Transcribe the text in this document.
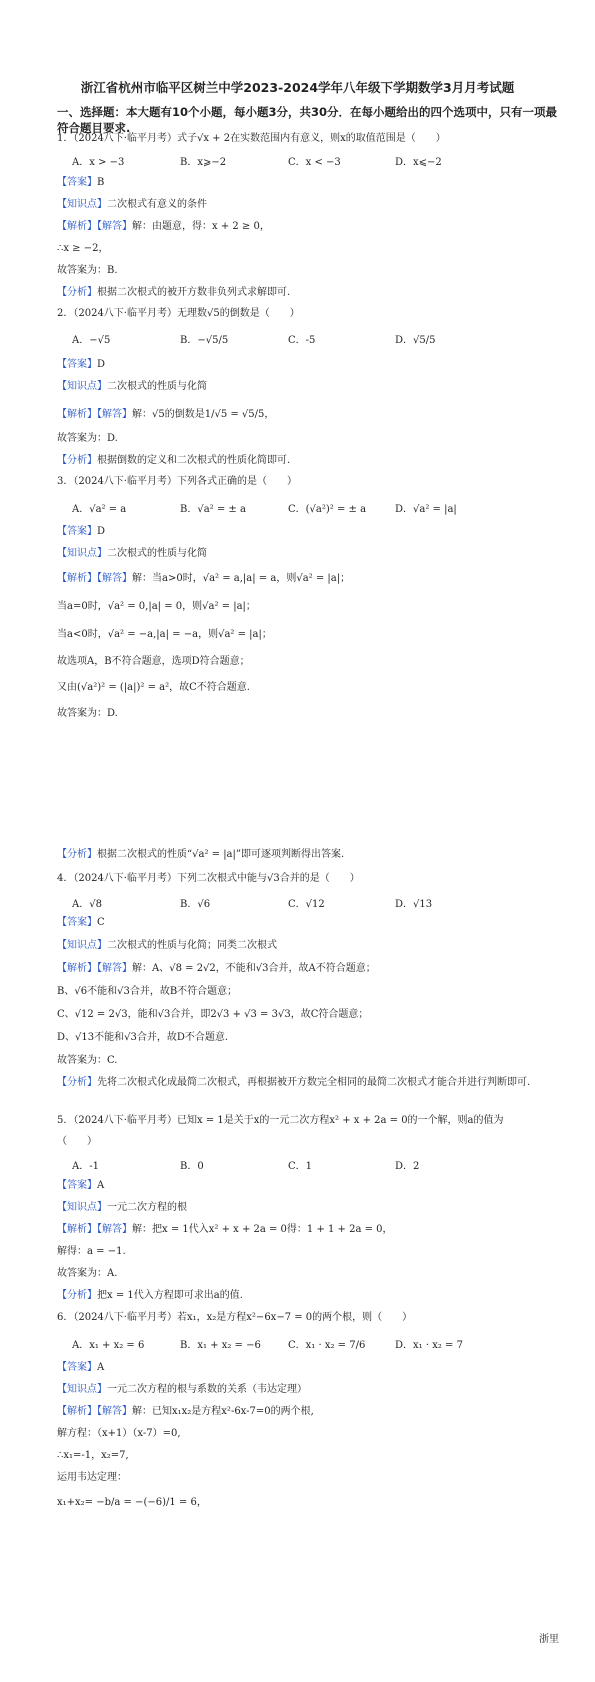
浙江省杭州市临平区树兰中学2023-2024学年八年级下学期数学3月月考试题
一、选择题：本大题有10个小题，每小题3分，共30分．在每小题给出的四个选项中，只有一项最符合题目要求.
1．（2024八下·临平月考）式子√x + 2在实数范围内有意义，则x的取值范围是（　　）
A．x > −3	B．x⩾−2	C．x < −3	D．x⩽−2
【答案】B
【知识点】二次根式有意义的条件
【解析】【解答】解：由题意，得：x + 2 ≥ 0，
∴x ≥ −2，
故答案为：B.
【分析】根据二次根式的被开方数非负列式求解即可.
2．（2024八下·临平月考）无理数√5的倒数是（　　）
A．−√5	B．−√5/5	C．-5	D．√5/5
【答案】D
【知识点】二次根式的性质与化简
【解析】【解答】解：√5的倒数是1/√5 = √5/5，
故答案为：D.
【分析】根据倒数的定义和二次根式的性质化简即可.
3．（2024八下·临平月考）下列各式正确的是（　　）
A．√a² = a	B．√a² = ± a	C．(√a²)² = ± a	D．√a² = |a|
【答案】D
【知识点】二次根式的性质与化简
【解析】【解答】解：当a>0时，√a² = a,|a| = a，则√a² = |a|；
当a=0时，√a² = 0,|a| = 0，则√a² = |a|；
当a<0时，√a² = −a,|a| = −a，则√a² = |a|；
故选项A，B不符合题意，选项D符合题意；
又由(√a²)² = (|a|)² = a²，故C不符合题意.
故答案为：D.
【分析】根据二次根式的性质“√a² = |a|”即可逐项判断得出答案.
4．（2024八下·临平月考）下列二次根式中能与√3合并的是（　　）
A．√8	B．√6	C．√12	D．√13
【答案】C
【知识点】二次根式的性质与化简；同类二次根式
【解析】【解答】解：A、√8 = 2√2，不能和√3合并，故A不符合题意；
B、√6不能和√3合并，故B不符合题意；
C、√12 = 2√3，能和√3合并，即2√3 + √3 = 3√3，故C符合题意；
D、√13不能和√3合并，故D不合题意.
故答案为：C.
【分析】先将二次根式化成最简二次根式，再根据被开方数完全相同的最简二次根式才能合并进行判断即可.
5．（2024八下·临平月考）已知x = 1是关于x的一元二次方程x² + x + 2a = 0的一个解，则a的值为（　　）
A．-1	B．0	C．1	D．2
【答案】A
【知识点】一元二次方程的根
【解析】【解答】解：把x = 1代入x² + x + 2a = 0得：1 + 1 + 2a = 0，
解得：a = −1.
故答案为：A.
【分析】把x = 1代入方程即可求出a的值.
6．（2024八下·临平月考）若x₁，x₂是方程x²−6x−7 = 0的两个根，则（　　）
A．x₁ + x₂ = 6	B．x₁ + x₂ = −6	C．x₁ · x₂ = 7/6	D．x₁ · x₂ = 7
【答案】A
【知识点】一元二次方程的根与系数的关系（韦达定理）
【解析】【解答】解：已知x₁x₂是方程x²-6x-7=0的两个根,
解方程：（x+1）（x-7）=0,
∴x₁=-1，x₂=7,
运用韦达定理：
x₁+x₂= −b/a = −(−6)/1 = 6，
浙里
